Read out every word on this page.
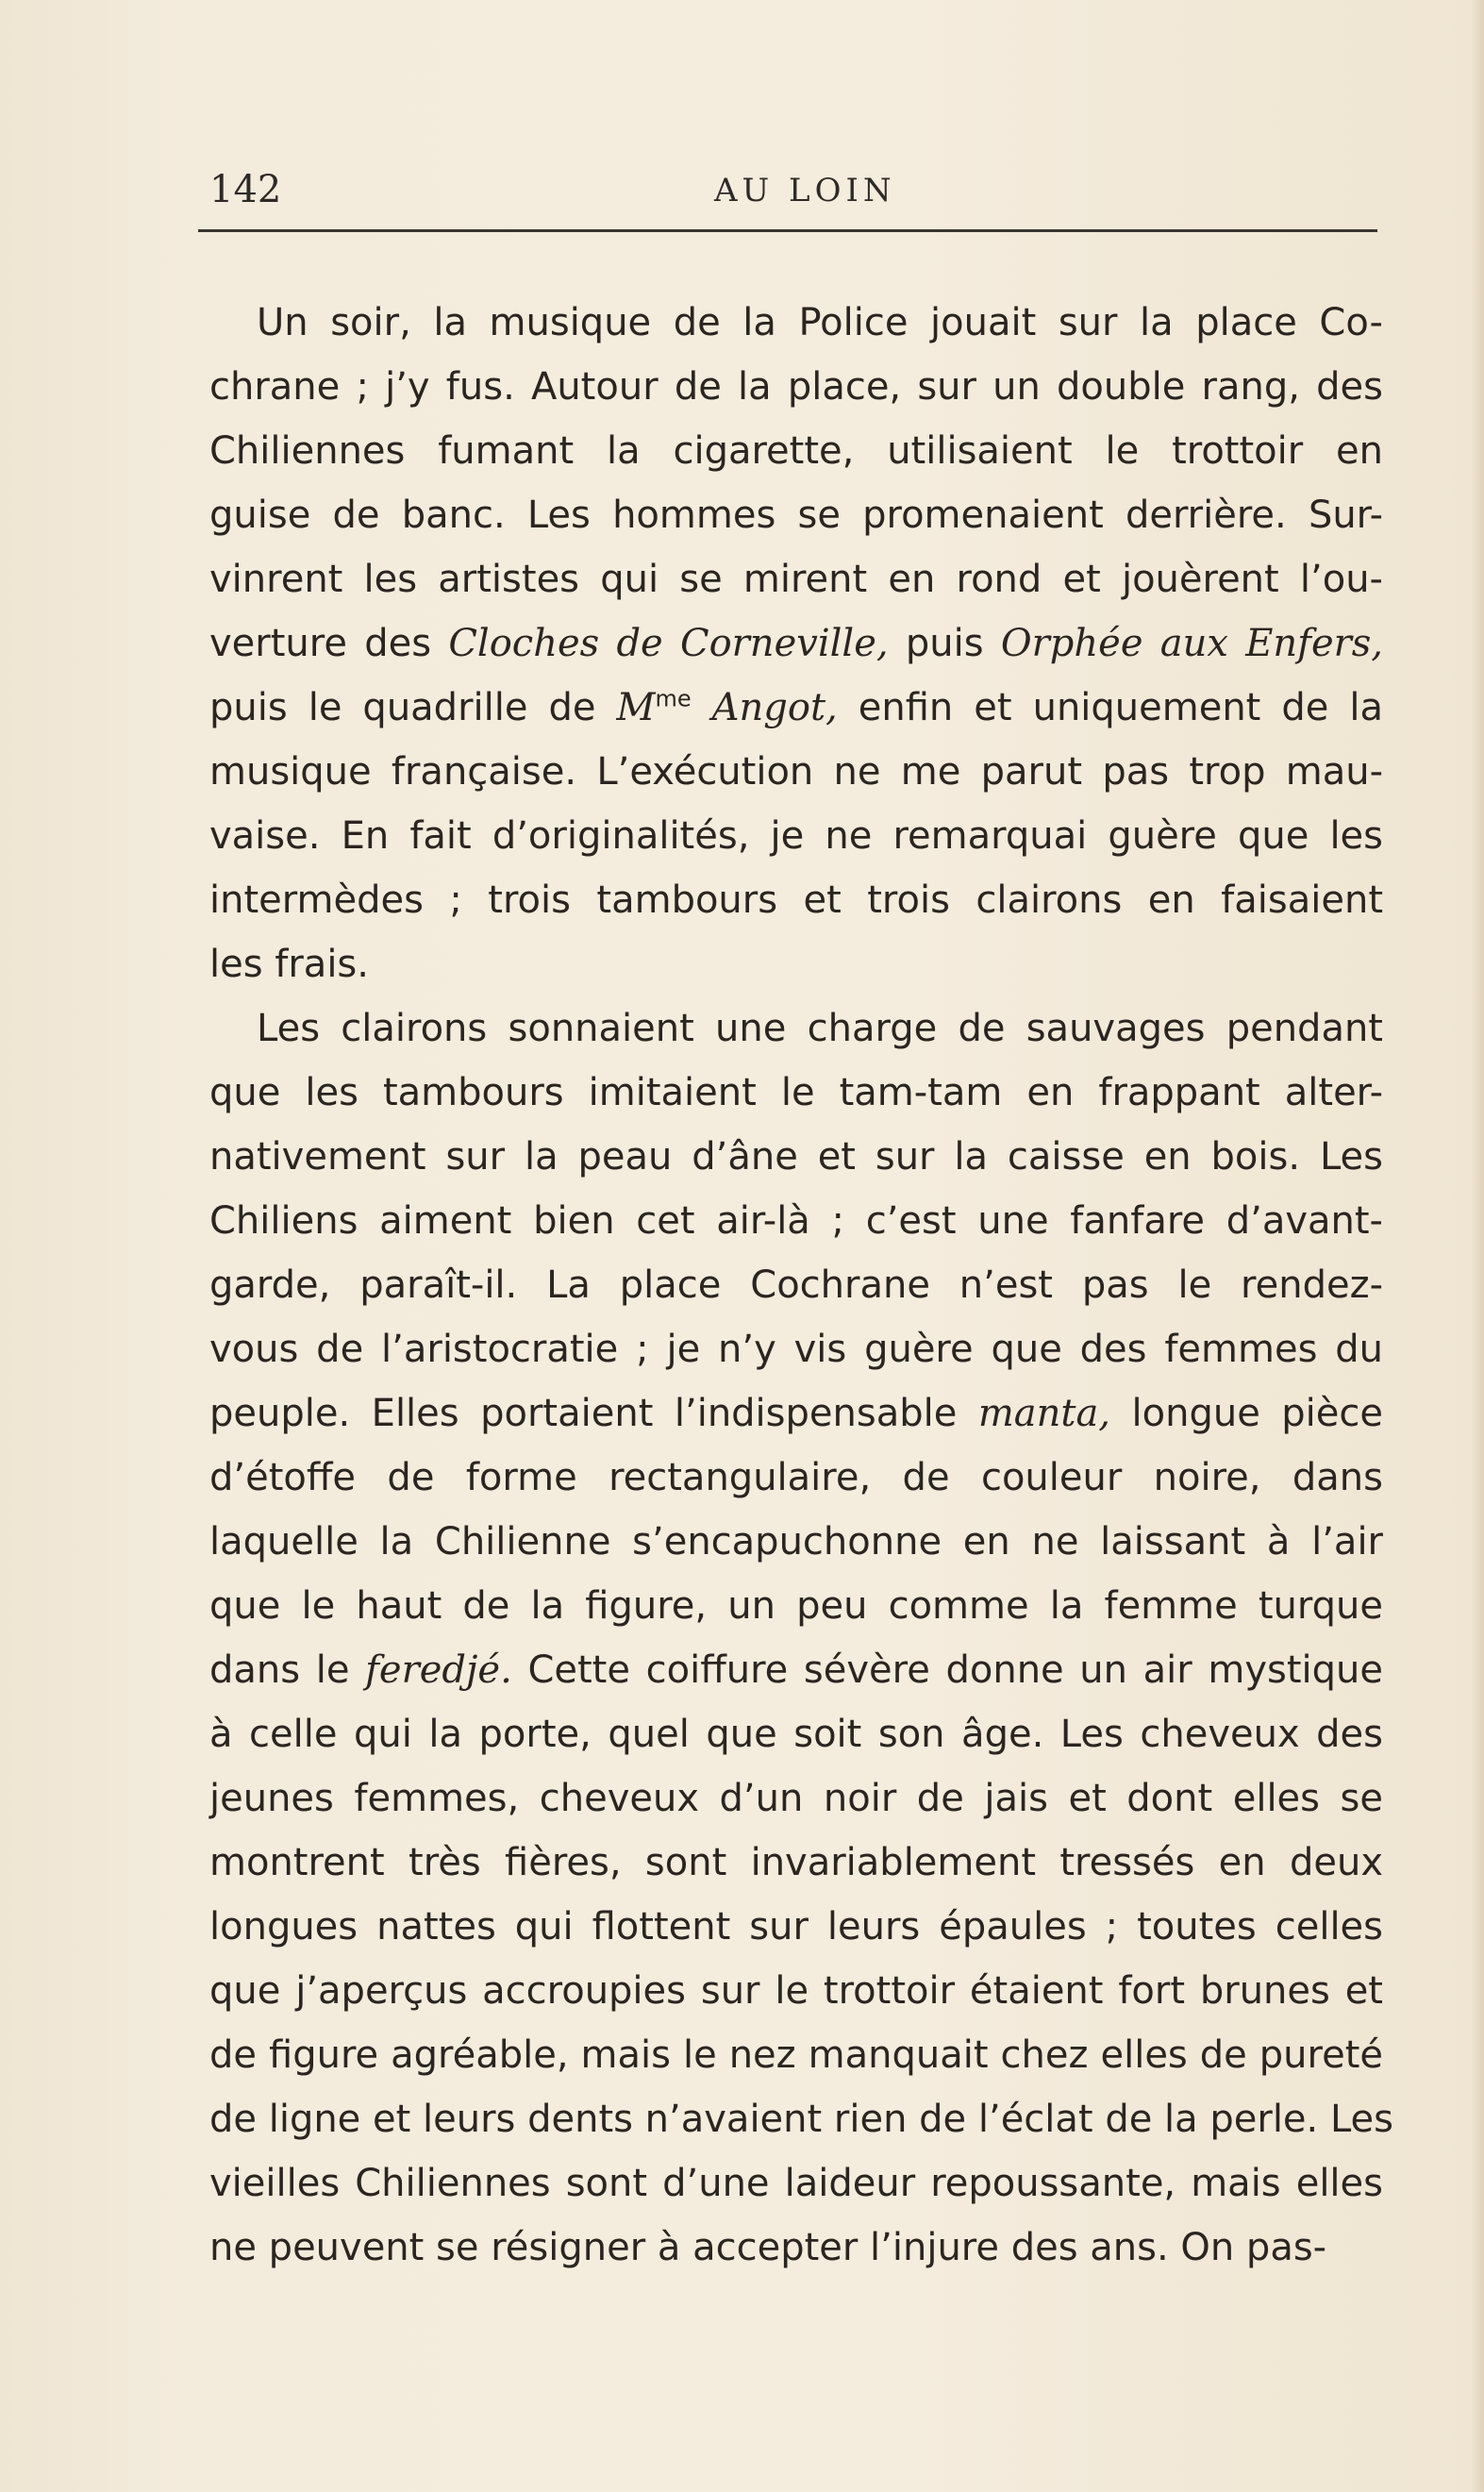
142	AU LOIN
Un soir, la musique de la Police jouait sur la place Co-
chrane ; j’y fus. Autour de la place, sur un double rang, des
Chiliennes fumant la cigarette, utilisaient le trottoir en
guise de banc. Les hommes se promenaient derrière. Sur-
vinrent les artistes qui se mirent en rond et jouèrent l’ou-
verture des Cloches de Corneville, puis Orphée aux Enfers,
puis le quadrille de $M^{me}$ Angot, enfin et uniquement de la
musique française. L’exécution ne me parut pas trop mau-
vaise. En fait d’originalités, je ne remarquai guère que les
intermèdes ; trois tambours et trois clairons en faisaient
les frais.
Les clairons sonnaient une charge de sauvages pendant
que les tambours imitaient le tam-tam en frappant alter-
nativement sur la peau d’âne et sur la caisse en bois. Les
Chiliens aiment bien cet air-là ; c’est une fanfare d’avant-
garde, paraît-il. La place Cochrane n’est pas le rendez-
vous de l’aristocratie ; je n’y vis guère que des femmes du
peuple. Elles portaient l’indispensable manta, longue pièce
d’étoffe de forme rectangulaire, de couleur noire, dans
laquelle la Chilienne s’encapuchonne en ne laissant à l’air
que le haut de la figure, un peu comme la femme turque
dans le feredjé. Cette coiffure sévère donne un air mystique
à celle qui la porte, quel que soit son âge. Les cheveux des
jeunes femmes, cheveux d’un noir de jais et dont elles se
montrent très fières, sont invariablement tressés en deux
longues nattes qui flottent sur leurs épaules ; toutes celles
que j’aperçus accroupies sur le trottoir étaient fort brunes et
de figure agréable, mais le nez manquait chez elles de pureté
de ligne et leurs dents n’avaient rien de l’éclat de la perle. Les
vieilles Chiliennes sont d’une laideur repoussante, mais elles
ne peuvent se résigner à accepter l’injure des ans. On pas-
